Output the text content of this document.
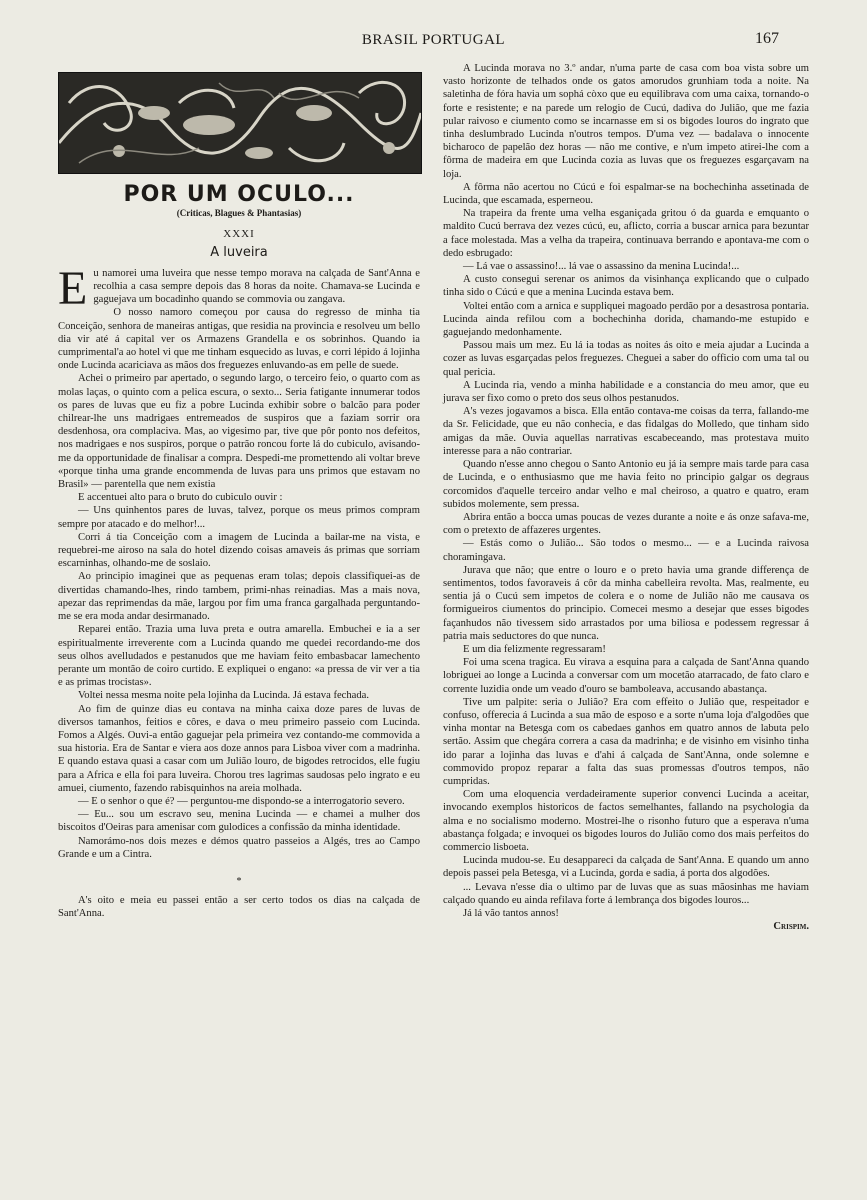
BRASIL PORTUGAL	167
POR UM OCULO...
(Criticas, Blagues & Phantasias)
XXXI
A luveira

Eu namorei uma luveira que nesse tempo morava na calçada de Sant'Anna e recolhia a casa sempre depois das 8 horas da noite. Chamava-se Lucinda e gaguejava um bocadinho quando se commovia ou zangava.

O nosso namoro começou por causa do regresso de minha tia Conceição, senhora de maneiras antigas, que residia na provincia e resolveu um bello dia vir até á capital ver os Armazens Grandella e os sobrinhos. Quando ia cumprimental'a ao hotel vi que me tinham esquecido as luvas, e corri lépido á lojinha onde Lucinda acariciava as mãos dos freguezes enluvando-as em pelle de suede.

Achei o primeiro par apertado, o segundo largo, o terceiro feio, o quarto com as molas laças, o quinto com a pelica escura, o sexto... Seria fatigante innumerar todos os pares de luvas que eu fiz a pobre Lucinda exhibir sobre o balcão para poder chilrear-lhe uns madrigaes entremeados de suspiros que a faziam sorrir ora desdenhosa, ora complaciva. Mas, ao vigesimo par, tive que pôr ponto nos defeitos, nos madrigaes e nos suspiros, porque o patrão roncou forte lá do cubiculo, avisando-me da opportunidade de finalisar a compra. Despedi-me promettendo ali voltar breve «porque tinha uma grande encommenda de luvas para uns primos que estavam no Brasil» — parentella que nem existia

E accentuei alto para o bruto do cubiculo ouvir :

— Uns quinhentos pares de luvas, talvez, porque os meus primos compram sempre por atacado e do melhor!...

Corri á tia Conceição com a imagem de Lucinda a bailar-me na vista, e requebrei-me airoso na sala do hotel dizendo coisas amaveis ás primas que sorriam escarninhas, olhando-me de soslaio.

Ao principio imaginei que as pequenas eram tolas; depois classifiquei-as de divertidas chamando-lhes, rindo tambem, primi-nhas reinadias. Mas a mais nova, apezar das reprimendas da mãe, largou por fim uma franca gargalhada perguntando-me se era moda andar desirmanado.

Reparei então. Trazia uma luva preta e outra amarella. Embuchei e ia a ser espiritualmente irreverente com a Lucinda quando me quedei recordando-me dos seus olhos avelludados e pestanudos que me haviam feito embasbacar lamechento perante um montão de coiro curtido. E expliquei o engano: «a pressa de vir ver a tia e as primas trocistas».

Voltei nessa mesma noite pela lojinha da Lucinda. Já estava fechada.

Ao fim de quinze dias eu contava na minha caixa doze pares de luvas de diversos tamanhos, feitios e côres, e dava o meu primeiro passeio com Lucinda. Fomos a Algés. Ouvi-a então gaguejar pela primeira vez contando-me commovida a sua historia. Era de Santar e viera aos doze annos para Lisboa viver com a madrinha. E quando estava quasi a casar com um Julião louro, de bigodes retrocidos, elle fugiu para a Africa e ella foi para luveira. Chorou tres lagrimas saudosas pelo ingrato e eu amuei, ciumento, fazendo rabisquinhos na areia molhada.

— E o senhor o que é? — perguntou-me dispondo-se a interrogatorio severo.

— Eu... sou um escravo seu, menina Lucinda — e chamei a mulher dos biscoitos d'Oeiras para amenisar com gulodices a confissão da minha identidade.

Namorámo-nos dois mezes e démos quatro passeios a Algés, tres ao Campo Grande e um a Cintra.

*

A's oito e meia eu passei então a ser certo todos os dias na calçada de Sant'Anna.

A Lucinda morava no 3.º andar, n'uma parte de casa com boa vista sobre um vasto horizonte de telhados onde os gatos amorudos grunhiam toda a noite. Na saletinha de fóra havia um sophá còxo que eu equilibrava com uma caixa, tornando-o forte e resistente; e na parede um relogio de Cucú, dadiva do Julião, que me fazia pular raivoso e ciumento como se incarnasse em si os bigodes louros do ingrato que tinha deslumbrado Lucinda n'outros tempos. D'uma vez — badalava o innocente bicharoco de papelão dez horas — não me contive, e n'um impeto atirei-lhe com a fôrma de madeira em que Lucinda cozia as luvas que os freguezes esgarçavam na loja.

A fôrma não acertou no Cúcú e foi espalmar-se na bochechinha assetinada de Lucinda, que escamada, esperneou.

Na trapeira da frente uma velha esganiçada gritou ó da guarda e emquanto o maldito Cucú berrava dez vezes cúcú, eu, aflicto, corria a buscar arnica para bezuntar a face molestada. Mas a velha da trapeira, continuava berrando e apontava-me com o dedo esbrugado:

— Lá vae o assassino!... lá vae o assassino da menina Lucinda!...

A custo consegui serenar os animos da visinhança explicando que o culpado tinha sido o Cúcú e que a menina Lucinda estava bem.

Voltei então com a arnica e suppliquei magoado perdão por a desastrosa pontaria. Lucinda ainda refilou com a bochechinha dorida, chamando-me estupido e gaguejando medonhamente.

Passou mais um mez. Eu lá ia todas as noites ás oito e meia ajudar a Lucinda a cozer as luvas esgarçadas pelos freguezes. Cheguei a saber do officio com uma tal ou qual pericia.

A Lucinda ria, vendo a minha habilidade e a constancia do meu amor, que eu jurava ser fixo como o preto dos seus olhos pestanudos.

A's vezes jogavamos a bisca. Ella então contava-me coisas da terra, fallando-me da Sr. Felicidade, que eu não conhecia, e das fidalgas do Molledo, que tinham sido amigas da mãe. Ouvia aquellas narrativas escabeceando, mas protestava muito interesse para a não contrariar.

Quando n'esse anno chegou o Santo Antonio eu já ia sempre mais tarde para casa de Lucinda, e o enthusiasmo que me havia feito no principio galgar os degraus corcomidos d'aquelle terceiro andar velho e mal cheiroso, a quatro e quatro, eram subidos molemente, sem pressa.

Abrira então a bocca umas poucas de vezes durante a noite e ás onze safava-me, com o pretexto de affazeres urgentes.

— Estás como o Julião... São todos o mesmo... — e a Lucinda raivosa choramingava.

Jurava que não; que entre o louro e o preto havia uma grande differença de sentimentos, todos favoraveis á côr da minha cabelleira revolta. Mas, realmente, eu sentia já o Cucú sem impetos de colera e o nome de Julião não me causava os formigueiros ciumentos do principio. Comecei mesmo a desejar que esses bigodes façanhudos não tivessem sido arrastados por uma biliosa e podessem regressar á patria mais seductores do que nunca.

E um dia felizmente regressaram!

Foi uma scena tragica. Eu virava a esquina para a calçada de Sant'Anna quando lobriguei ao longe a Lucinda a conversar com um mocetão atarracado, de fato claro e corrente luzidia onde um veado d'ouro se bamboleava, accusando abastança.

Tive um palpite: seria o Julião? Era com effeito o Julião que, respeitador e confuso, offerecia á Lucinda a sua mão de esposo e a sorte n'uma loja d'algodões que vinha montar na Betesga com os cabedaes ganhos em quatro annos de labuta pelo sertão. Assim que chegára correra a casa da madrinha; e de visinho em visinho tinha ido parar a lojinha das luvas e d'ahi á calçada de Sant'Anna, onde solemne e commovido propoz reparar a falta das suas promessas d'outros tempos, não cumpridas.

Com uma eloquencia verdadeiramente superior convenci Lucinda a aceitar, invocando exemplos historicos de factos semelhantes, fallando na psychologia da alma e no socialismo moderno. Mostrei-lhe o risonho futuro que a esperava n'uma abastança folgada; e invoquei os bigodes louros do Julião como dos mais perfeitos do commercio lisboeta.

Lucinda mudou-se. Eu desappareci da calçada de Sant'Anna. E quando um anno depois passei pela Betesga, vi a Lucinda, gorda e sadia, á porta dos algodões.

... Levava n'esse dia o ultimo par de luvas que as suas mãosinhas me haviam calçado quando eu ainda refilava forte á lembrança dos bigodes louros...

Já lá vão tantos annos!

Crispim.
